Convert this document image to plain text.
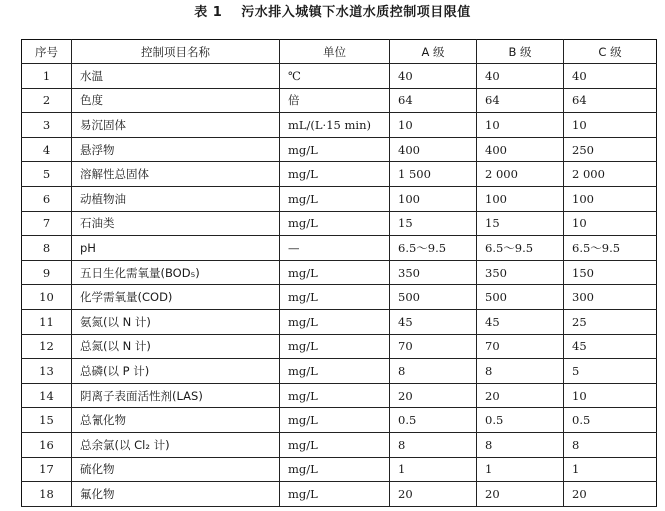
表 1 污水排入城镇下水道水质控制项目限值
序号	控制项目名称	单位	A 级	B 级	C 级
1	水温	℃	40	40	40
2	色度	倍	64	64	64
3	易沉固体	mL/(L·15 min)	10	10	10
4	悬浮物	mg/L	400	400	250
5	溶解性总固体	mg/L	1 500	2 000	2 000
6	动植物油	mg/L	100	100	100
7	石油类	mg/L	15	15	10
8	pH	—	6.5～9.5	6.5～9.5	6.5～9.5
9	五日生化需氧量(BOD₅)	mg/L	350	350	150
10	化学需氧量(COD)	mg/L	500	500	300
11	氨氮(以 N 计)	mg/L	45	45	25
12	总氮(以 N 计)	mg/L	70	70	45
13	总磷(以 P 计)	mg/L	8	8	5
14	阴离子表面活性剂(LAS)	mg/L	20	20	10
15	总氰化物	mg/L	0.5	0.5	0.5
16	总余氯(以 Cl₂ 计)	mg/L	8	8	8
17	硫化物	mg/L	1	1	1
18	氟化物	mg/L	20	20	20
